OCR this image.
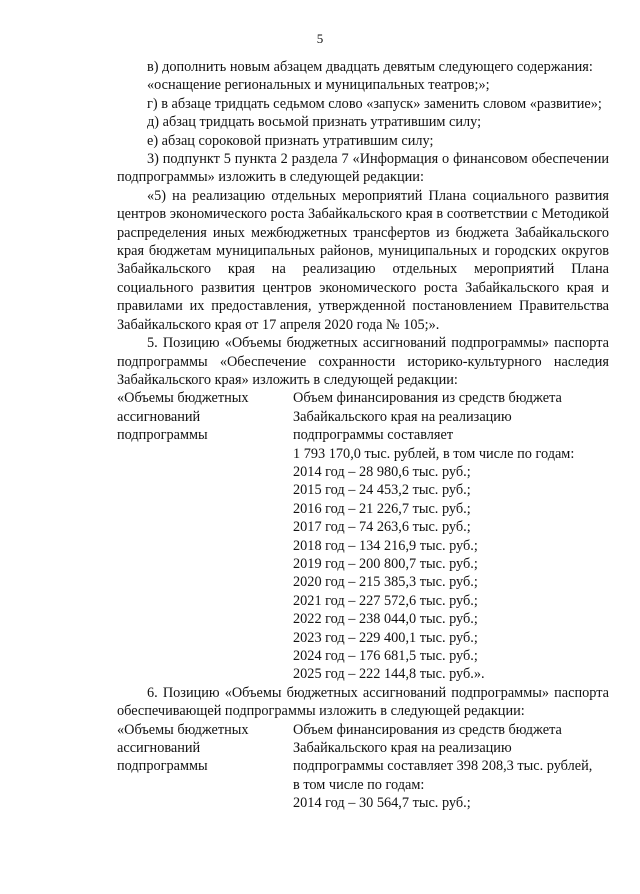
5

в) дополнить новым абзацем двадцать девятым следующего содержания:

«оснащение региональных и муниципальных театров;»;

г) в абзаце тридцать седьмом слово «запуск» заменить словом «развитие»;

д) абзац тридцать восьмой признать утратившим силу;

е) абзац сороковой признать утратившим силу;

3) подпункт 5 пункта 2 раздела 7 «Информация о финансовом обеспечении подпрограммы» изложить в следующей редакции:

«5) на реализацию отдельных мероприятий Плана социального развития центров экономического роста Забайкальского края в соответствии с Методикой распределения иных межбюджетных трансфертов из бюджета Забайкальского края бюджетам муниципальных районов, муниципальных и городских округов Забайкальского края на реализацию отдельных мероприятий Плана социального развития центров экономического роста Забайкальского края и правилами их предоставления, утвержденной постановлением Правительства Забайкальского края от 17 апреля 2020 года № 105;».

5. Позицию «Объемы бюджетных ассигнований подпрограммы» паспорта подпрограммы «Обеспечение сохранности историко-культурного наследия Забайкальского края» изложить в следующей редакции:

«Объемы бюджетных
ассигнований
подпрограммы
Объем финансирования из средств бюджета
Забайкальского края на реализацию
подпрограммы составляет
1 793 170,0 тыс. рублей, в том числе по годам:
2014 год – 28 980,6 тыс. руб.;
2015 год – 24 453,2 тыс. руб.;
2016 год – 21 226,7 тыс. руб.;
2017 год – 74 263,6 тыс. руб.;
2018 год – 134 216,9 тыс. руб.;
2019 год – 200 800,7 тыс. руб.;
2020 год – 215 385,3 тыс. руб.;
2021 год – 227 572,6 тыс. руб.;
2022 год – 238 044,0 тыс. руб.;
2023 год – 229 400,1 тыс. руб.;
2024 год – 176 681,5 тыс. руб.;
2025 год – 222 144,8 тыс. руб.».

6. Позицию «Объемы бюджетных ассигнований подпрограммы» паспорта обеспечивающей подпрограммы изложить в следующей редакции:

«Объемы бюджетных
ассигнований
подпрограммы
Объем финансирования из средств бюджета
Забайкальского края на реализацию
подпрограммы составляет 398 208,3 тыс. рублей,
в том числе по годам:
2014 год – 30 564,7 тыс. руб.;
